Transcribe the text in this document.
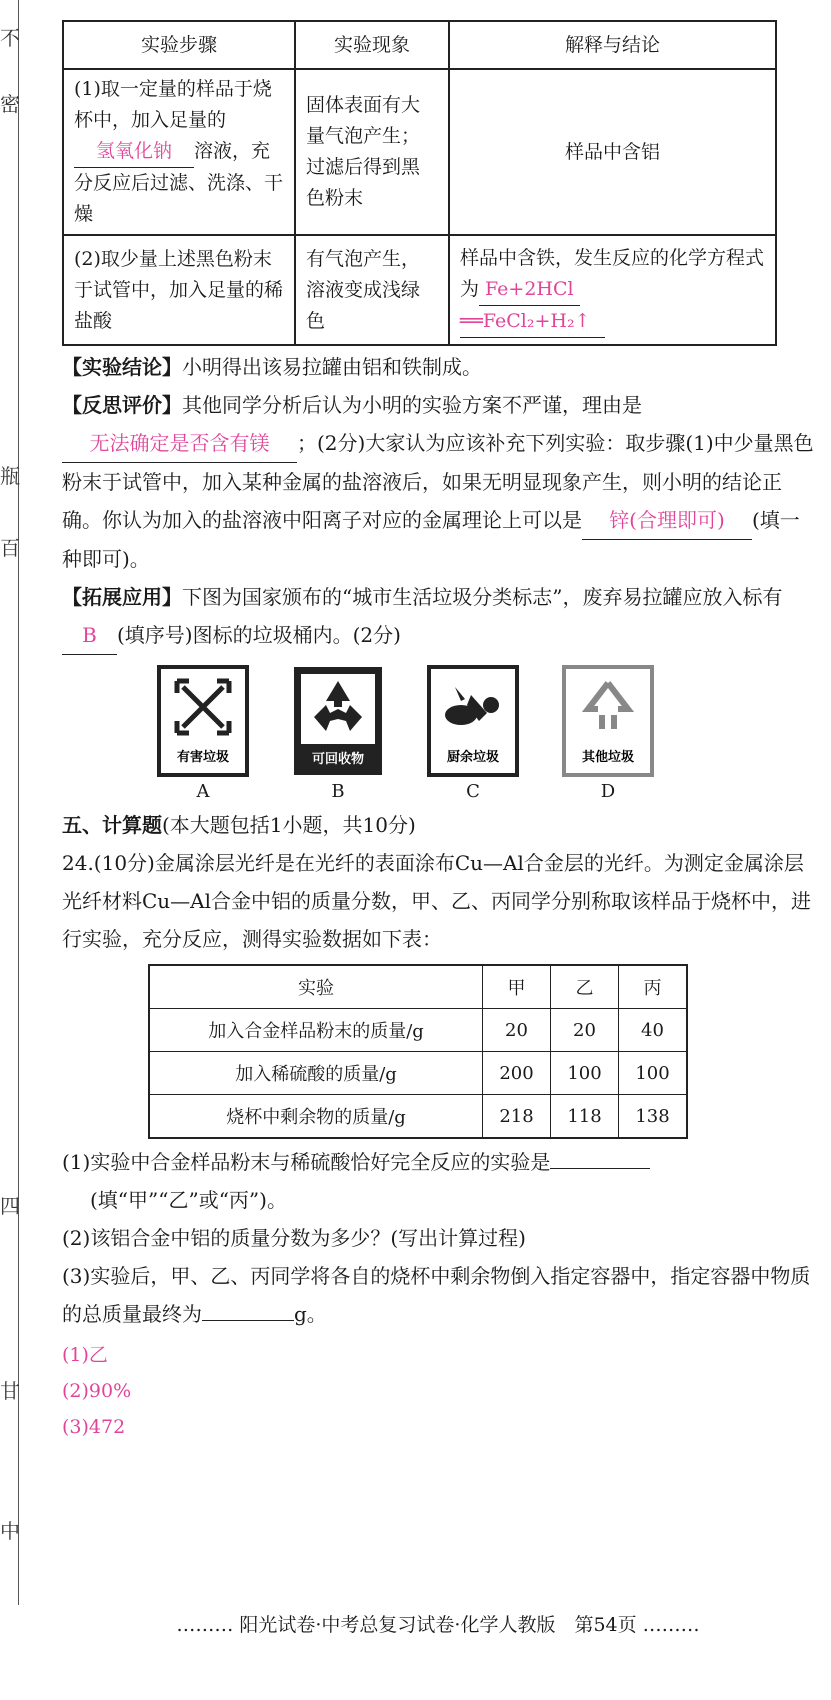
不
密
瓶
百
四
甘
中
实验步骤	实验现象	解释与结论
(1)取一定量的样品于烧杯中，加入足量的氢氧化钠 溶液，充分反应后过滤、洗涤、干燥	固体表面有大量气泡产生；过滤后得到黑色粉末	样品中含铝
(2)取少量上述黑色粉末于试管中，加入足量的稀盐酸	有气泡产生，溶液变成浅绿色	样品中含铁，发生反应的化学方程式为 Fe+2HCl
══FeCl₂+H₂↑

【实验结论】小明得出该易拉罐由铝和铁制成。

【反思评价】其他同学分析后认为小明的实验方案不严谨，理由是无法确定是否含有镁 ；(2分)大家认为应该补充下列实验：取步骤(1)中少量黑色粉末于试管中，加入某种金属的盐溶液后，如果无明显现象产生，则小明的结论正确。你认为加入的盐溶液中阳离子对应的金属理论上可以是 锌(合理即可) (填一种即可)。

【拓展应用】下图为国家颁布的“城市生活垃圾分类标志”，废弃易拉罐应放入标有B (填序号)图标的垃圾桶内。(2分)

有害垃圾
A
可回收物
B
厨余垃圾
C
其他垃圾
D

五、计算题(本大题包括1小题，共10分)

24.(10分)金属涂层光纤是在光纤的表面涂布Cu—Al合金层的光纤。为测定金属涂层光纤材料Cu—Al合金中铝的质量分数，甲、乙、丙同学分别称取该样品于烧杯中，进行实验，充分反应，测得实验数据如下表：

实验	甲	乙	丙
加入合金样品粉末的质量/g	20	20	40
加入稀硫酸的质量/g	200	100	100
烧杯中剩余物的质量/g	218	118	138

(1)实验中合金样品粉末与稀硫酸恰好完全反应的实验是
(填“甲”“乙”或“丙”)。

(2)该铝合金中铝的质量分数为多少？(写出计算过程)

(3)实验后，甲、乙、丙同学将各自的烧杯中剩余物倒入指定容器中，指定容器中物质的总质量最终为	g。

(1)乙
(2)90%
(3)472
……… 阳光试卷·中考总复习试卷·化学人教版　第54页 ………
